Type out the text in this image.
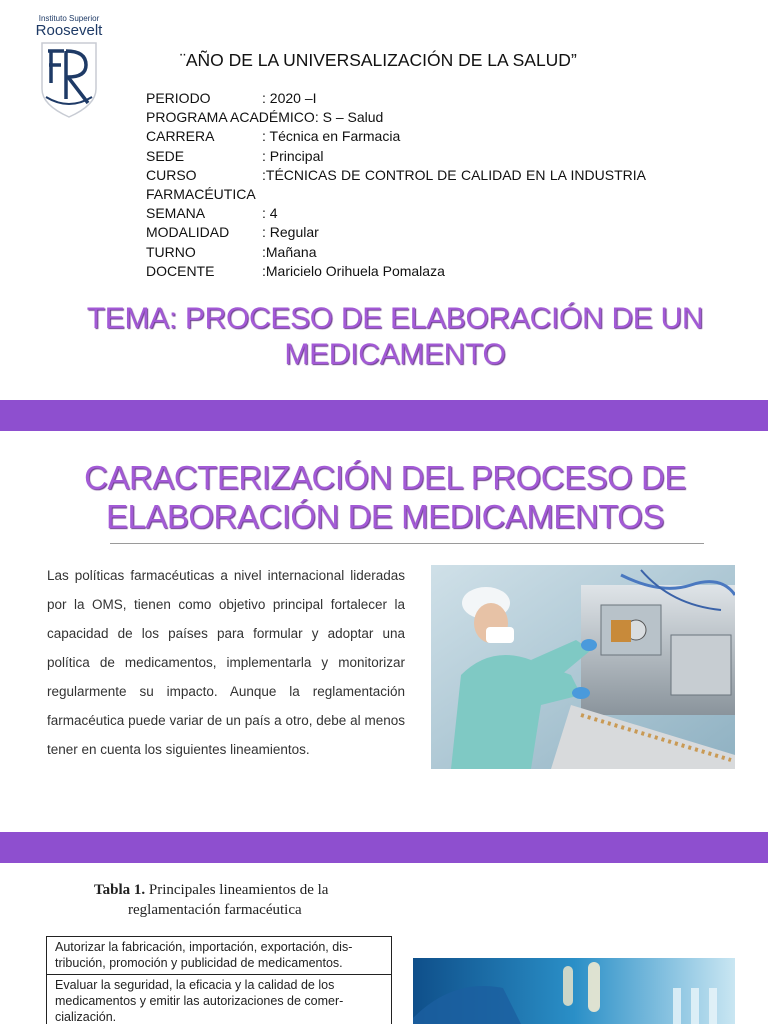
Instituto Superior
Roosevelt
¨AÑO DE LA UNIVERSALIZACIÓN DE LA SALUD”
PERIODO	: 2020 –I
PROGRAMA ACADÉMICO : S – Salud
CARRERA	: Técnica en Farmacia
SEDE	: Principal
CURSO	:TÉCNICAS DE CONTROL DE CALIDAD EN LA INDUSTRIA
FARMACÉUTICA
SEMANA	: 4
MODALIDAD	: Regular
TURNO	:Mañana
DOCENTE	:Maricielo Orihuela Pomalaza
TEMA: PROCESO DE ELABORACIÓN DE UN
MEDICAMENTO
CARACTERIZACIÓN DEL PROCESO DE
ELABORACIÓN DE MEDICAMENTOS
Las políticas farmacéuticas a nivel internacional lideradas por la OMS, tienen como objetivo principal fortalecer la capacidad de los países para formular y adoptar una política de medicamentos, implementarla y monitorizar regularmente su impacto. Aunque la reglamentación farmacéutica puede variar de un país a otro, debe al menos tener en cuenta los siguientes lineamientos.
Tabla 1. Principales lineamientos de la
reglamentación farmacéutica
Autorizar la fabricación, importación, exportación, dis-tribución, promoción y publicidad de medicamentos.
Evaluar la seguridad, la eficacia y la calidad de los medicamentos y emitir las autorizaciones de comer-cialización.
